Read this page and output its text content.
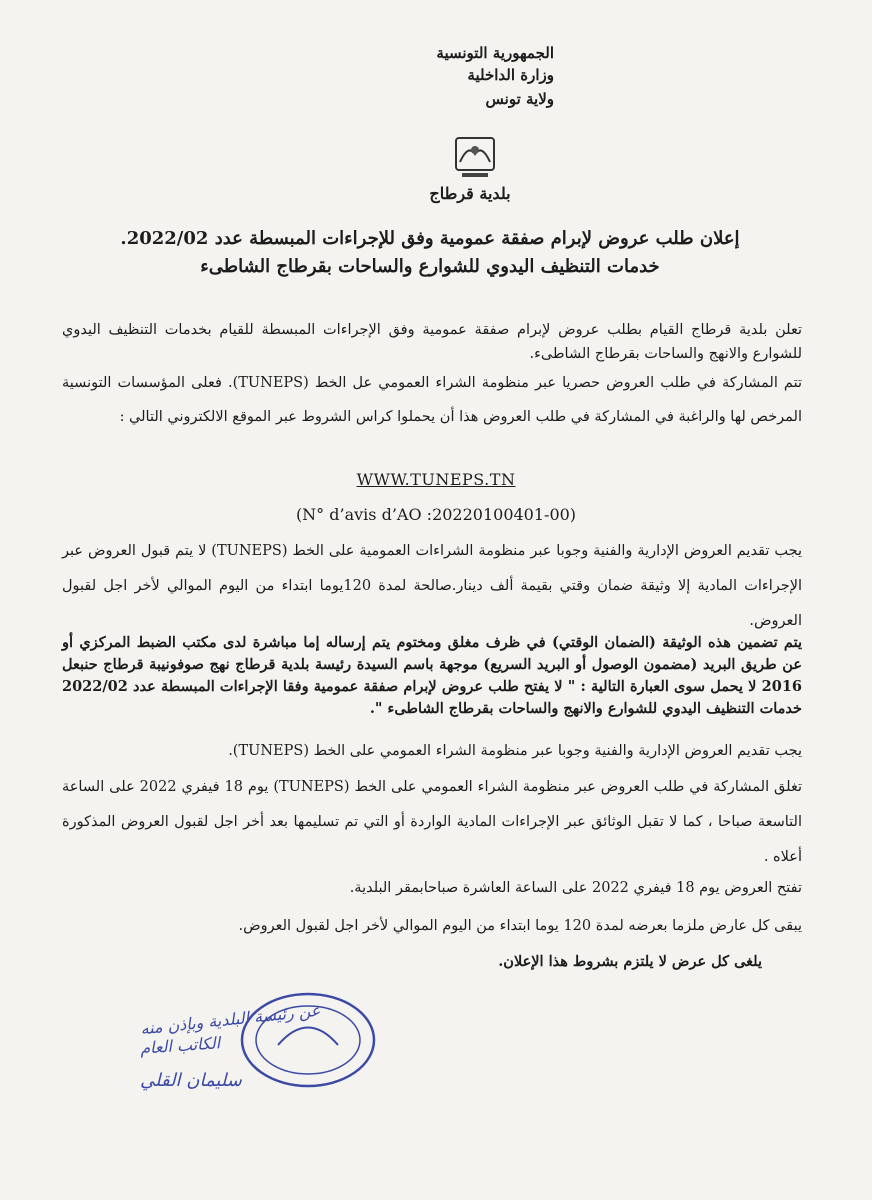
الجمهورية التونسية
وزارة الداخلية
ولاية تونس
بلدية قرطاج
إعلان طلب عروض لإبرام صفقة عمومية وفق للإجراءات المبسطة عدد 2022/02.
خدمات التنظيف اليدوي للشوارع والساحات بقرطاج الشاطىء
تعلن بلدية قرطاج القيام بطلب عروض لإبرام صفقة عمومية وفق الإجراءات المبسطة للقيام بخدمات التنظيف اليدوي للشوارع والانهج والساحات بقرطاج الشاطىء.
تتم المشاركة في طلب العروض حصريا عبر منظومة الشراء العمومي عل الخط (TUNEPS). فعلى المؤسسات التونسية المرخص لها والراغبة في المشاركة في طلب العروض هذا أن يحملوا كراس الشروط عبر الموقع الالكتروني التالي :
WWW.TUNEPS.TN
(N° d’avis d’AO :20220100401-00)
يجب تقديم العروض الإدارية والفنية وجوبا عبر منظومة الشراءات العمومية على الخط (TUNEPS) لا يتم قبول العروض عبر الإجراءات المادية إلا وثيقة ضمان وقتي بقيمة ألف دينار.صالحة لمدة 120يوما ابتداء من اليوم الموالي لأخر اجل لقبول العروض.
يتم تضمين هذه الوثيقة (الضمان الوقتي) في ظرف مغلق ومختوم يتم إرساله إما مباشرة لدى مكتب الضبط المركزي أو عن طريق البريد (مضمون الوصول أو البريد السريع) موجهة باسم السيدة رئيسة بلدية قرطاج نهج صوفونيبة قرطاج حنبعل 2016 لا يحمل سوى العبارة التالية : " لا يفتح طلب عروض لإبرام صفقة عمومية وفقا الإجراءات المبسطة عدد 2022/02 خدمات التنظيف اليدوي للشوارع والانهج والساحات بقرطاج الشاطىء ".
يجب تقديم العروض الإدارية والفنية وجوبا عبر منظومة الشراء العمومي على الخط (TUNEPS).
تغلق المشاركة في طلب العروض عبر منظومة الشراء العمومي على الخط (TUNEPS) يوم 18 فيفري 2022 على الساعة التاسعة صباحا ، كما لا تقبل الوثائق عبر الإجراءات المادية الواردة أو التي تم تسليمها بعد أخر اجل لقبول العروض المذكورة أعلاه .
تفتح العروض يوم 18 فيفري 2022 على الساعة العاشرة صباحابمقر البلدية.
يبقى كل عارض ملزما بعرضه لمدة 120 يوما ابتداء من اليوم الموالي لأخر اجل لقبول العروض.
يلغى كل عرض لا يلتزم بشروط هذا الإعلان.
عن رئيسة البلدية وبإذن منه
الكاتب العام
سليمان القلي
